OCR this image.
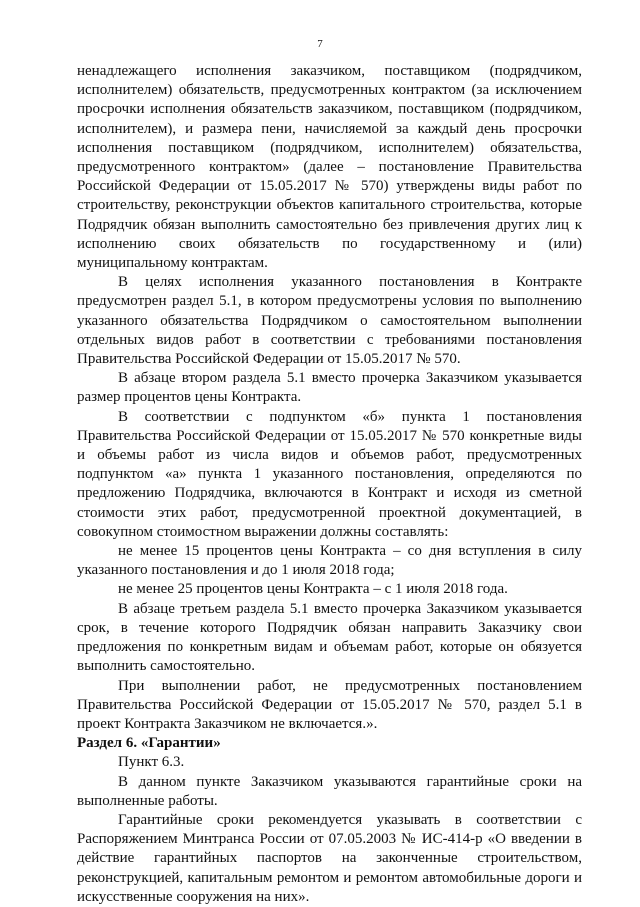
7

ненадлежащего исполнения заказчиком, поставщиком (подрядчиком, исполнителем) обязательств, предусмотренных контрактом (за исключением просрочки исполнения обязательств заказчиком, поставщиком (подрядчиком, исполнителем), и размера пени, начисляемой за каждый день просрочки исполнения поставщиком (подрядчиком, исполнителем) обязательства, предусмотренного контрактом» (далее – постановление Правительства Российской Федерации от 15.05.2017 № 570) утверждены виды работ по строительству, реконструкции объектов капитального строительства, которые Подрядчик обязан выполнить самостоятельно без привлечения других лиц к исполнению своих обязательств по государственному и (или) муниципальному контрактам.

В целях исполнения указанного постановления в Контракте предусмотрен раздел 5.1, в котором предусмотрены условия по выполнению указанного обязательства Подрядчиком о самостоятельном выполнении отдельных видов работ в соответствии с требованиями постановления Правительства Российской Федерации от 15.05.2017 № 570.

В абзаце втором раздела 5.1 вместо прочерка Заказчиком указывается размер процентов цены Контракта.

В соответствии с подпунктом «б» пункта 1 постановления Правительства Российской Федерации от 15.05.2017 № 570 конкретные виды и объемы работ из числа видов и объемов работ, предусмотренных подпунктом «а» пункта 1 указанного постановления, определяются по предложению Подрядчика, включаются в Контракт и исходя из сметной стоимости этих работ, предусмотренной проектной документацией, в совокупном стоимостном выражении должны составлять:

не менее 15 процентов цены Контракта – со дня вступления в силу указанного постановления и до 1 июля 2018 года;

не менее 25 процентов цены Контракта – с 1 июля 2018 года.

В абзаце третьем раздела 5.1 вместо прочерка Заказчиком указывается срок, в течение которого Подрядчик обязан направить Заказчику свои предложения по конкретным видам и объемам работ, которые он обязуется выполнить самостоятельно.

При выполнении работ, не предусмотренных постановлением Правительства Российской Федерации от 15.05.2017 № 570, раздел 5.1 в проект Контракта Заказчиком не включается.».

Раздел 6. «Гарантии»

Пункт 6.3.

В данном пункте Заказчиком указываются гарантийные сроки на выполненные работы.

Гарантийные сроки рекомендуется указывать в соответствии с Распоряжением Минтранса России от 07.05.2003 № ИС-414-р «О введении в действие гарантийных паспортов на законченные строительством, реконструкцией, капитальным ремонтом и ремонтом автомобильные дороги и искусственные сооружения на них».
